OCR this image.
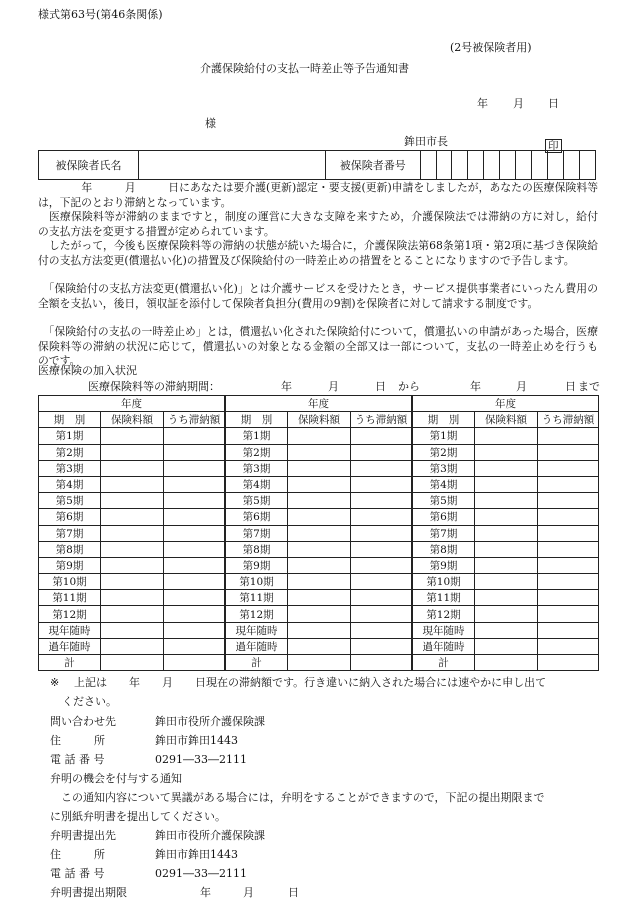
様式第63号(第46条関係)
(2号被保険者用)
介護保険給付の支払一時差止等予告通知書
年 月 日
様
鉾田市長	印
被保険者氏名		被保険者番号											
　　　　年　　　月　　　日にあなたは要介護(更新)認定・要支援(更新)申請をしましたが，あなたの医療保険料等は，下記のとおり滞納となっています。
　医療保険料等が滞納のままですと，制度の運営に大きな支障を来すため，介護保険法では滞納の方に対し，給付の支払方法を変更する措置が定められています。
　したがって，今後も医療保険料等の滞納の状態が続いた場合に，介護保険法第68条第1項・第2項に基づき保険給付の支払方法変更(償還払い化)の措置及び保険給付の一時差止めの措置をとることになりますので予告します。
　「保険給付の支払方法変更(償還払い化)」とは介護サービスを受けたとき，サービス提供事業者にいったん費用の全額を支払い，後日，領収証を添付して保険者負担分(費用の9割)を保険者に対して請求する制度です。
　「保険給付の支払の一時差止め」とは，償還払い化された保険給付について，償還払いの申請があった場合，医療保険料等の滞納の状況に応じて，償還払いの対象となる金額の全部又は一部について，支払の一時差止めを行うものです。
医療保険の加入状況
医療保険料等の滞納期間：	年	月	日 から	年	月	日 まで
年度		
期　別	保険料額	うち滞納額
第1期		
第2期		
第3期		
第4期		
第5期		
第6期		
第7期		
第8期		
第9期		
第10期		
第11期		
第12期		
現年随時		
過年随時		
計		
年度		
期　別	保険料額	うち滞納額
第1期		
第2期		
第3期		
第4期		
第5期		
第6期		
第7期		
第8期		
第9期		
第10期		
第11期		
第12期		
現年随時		
過年随時		
計		
年度		
期　別	保険料額	うち滞納額
第1期		
第2期		
第3期		
第4期		
第5期		
第6期		
第7期		
第8期		
第9期		
第10期		
第11期		
第12期		
現年随時		
過年随時		
計		
※ 上記は　　年　　月　　日現在の滞納額です。行き違いに納入された場合には速やかに申し出て
ください。
問い合わせ先	鉾田市役所介護保険課
住　　　所	鉾田市鉾田1443
電 話 番 号	0291―33―2111
弁明の機会を付与する通知
　この通知内容について異議がある場合には，弁明をすることができますので，下記の提出期限まで
に別紙弁明書を提出してください。
弁明書提出先	鉾田市役所介護保険課
住　　　所	鉾田市鉾田1443
電 話 番 号	0291―33―2111
弁明書提出期限	年	月	日
